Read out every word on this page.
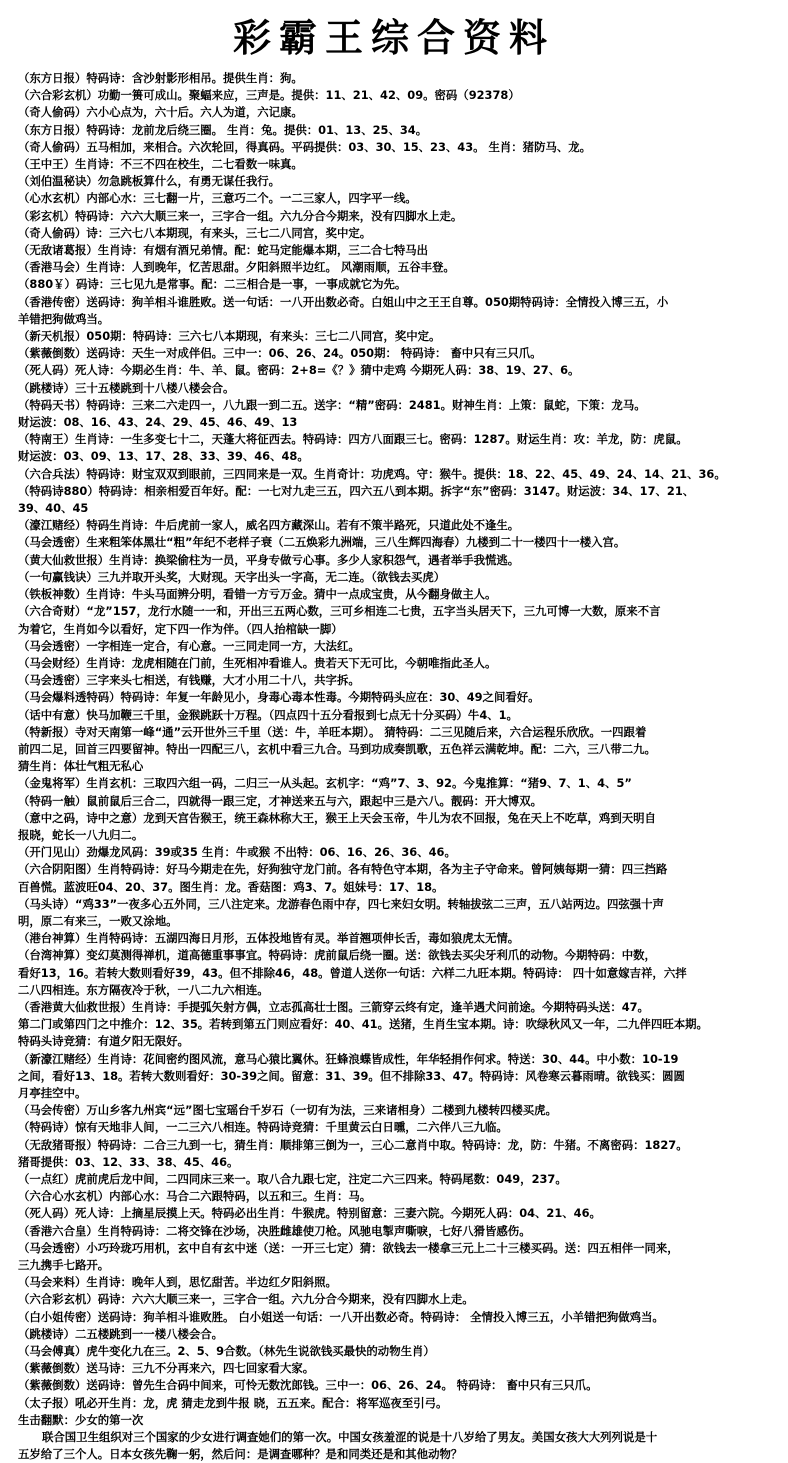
彩霸王综合资料
（东方日报）特码诗：含沙射影形相吊。提供生肖：狗。
（六合彩玄机）功勤一篑可成山。聚蝠来应，三声是。提供：11、21、42、09。密码（92378）
（奇人偷码）六小心点为，六十后。六人为道，六记康。
（东方日报）特码诗：龙前龙后绕三圈。 生肖：兔。提供：01、13、25、34。
（奇人偷码）五马相加，来相合。六次轮回，得真码。平码提供：03、30、15、23、43。 生肖：猪防马、龙。
（王中王）生肖诗：不三不四在校生，二七看数一味真。
（刘伯温秘诀）勿急跳板算什么，有勇无谋任我行。
（心水玄机）内部心水：三七翻一片，三意巧二个。一二三家人，四字平一线。
（彩玄机）特码诗：六六大顺三来一，三字合一组。六九分合今期来，没有四脚水上走。
（奇人偷码）诗：三六七八本期现，有来头，三七二八同宫，奖中定。
（无敌诸葛报）生肖诗：有烟有酒兄弟情。配：蛇马定能爆本期，三二合七特马出
（香港马会）生肖诗：人到晚年，忆苦思甜。夕阳斜照半边红。 风潮雨顺，五谷丰登。
（880￥）码诗：三七见九是常事。配：二三相合是一事，一事成就它为先。
（香港传密）送码诗：狗羊相斗谁胜败。送一句话：一八开出数必奇。白姐山中之王王自尊。050期特码诗：全情投入博三五，小
羊错把狗做鸡当。
（新天机报）050期：特码诗：三六七八本期现，有来头：三七二八同宫，奖中定。
（紫薇倒数）送码诗：天生一对成伴侣。三中一：06、26、24。050期： 特码诗： 畜中只有三只爪。
（死人码）死人诗：今期必生肖：牛、羊、鼠。密码：2+8=《？》猜中走鸡 今期死人码：38、19、27、6。
（跳楼诗）三十五楼跳到十八楼八楼会合。
（特码天书）特码诗：三来二六走四一，八九跟一到二五。送字：“精”密码：2481。财神生肖：上策：鼠蛇，下策：龙马。
财运波：08、16、43、24、29、45、46、49、13
（特南王）生肖诗：一生多变七十二，天蓬大将征西去。特码诗：四方八面跟三七。密码：1287。财运生肖：攻：羊龙，防：虎鼠。
财运波：03、09、13、17、28、33、39、46、48。
（六合兵法）特码诗：财宝双双到眼前，三四同来是一双。生肖奇计：功虎鸡。守：猴牛。提供：18、22、45、49、24、14、21、36。
（特码诗880）特码诗：相亲相爱百年好。配：一七对九走三五，四六五八到本期。拆字“东”密码：3147。财运波：34、17、21、
39、40、45
（濠江赌经）特码生肖诗：牛后虎前一家人，威名四方藏深山。若有不策半路死，只道此处不逢生。
（马会透密）生来粗笨体黑壮“粗”年纪不老样子衰（二五焕彩九洲端，三八生辉四海春）九楼到二十一楼四十一楼入宫。
（黄大仙救世报）生肖诗：换梁偷柱为一员，平身专做亏心事。多少人家积怨气，遇者举手我慌逃。
（一句赢钱诀）三九并取开头奖，大财现。天字出头一字高，无二连。（欲钱去买虎）
（铁板神数）生肖诗：牛头马面辨分明，看错一方亏万金。猜中一点成宝贵，从今翻身做主人。
（六合奇财）“龙”157，龙行水随一一和，开出三五两心数，三可乡相连二七贵，五字当头居天下，三九可博一大数，原来不言
为着它，生肖如今以看好，定下四一作为伴。（四人抬棺缺一脚）
（马会透密）一字相连一定合，有心意。一三同走同一方，大法红。
（马会财经）生肖诗：龙虎相随在门前，生死相冲看谁人。贵若天下无可比，今朝唯指此圣人。
（马会透密）三字来头七相送，有钱赚，大才小用二十八，共字拆。
（马会爆料透特码）特码诗：年复一年龄见小，身毒心毒本性毒。今期特码头应在：30、49之间看好。
（话中有意）快马加鞭三千里，金猴跳跃十万程。（四点四十五分看报到七点无十分买码）牛4、1。
（特新报）寺对天南第一峰“通”云开世外三千里（送：牛，羊旺本期）。 猜特码：二三见随后来，六合运程乐欣欣。一四跟着
前四二足，回首三四要留神。特出一四配三八，玄机中看三九合。马到功成奏凯歌，五色祥云满乾坤。配：二六，三八带二九。
猜生肖：体壮气粗无私心
（金鬼将军）生肖玄机：三取四六组一码，二归三一从头起。玄机字：“鸡”7、3、92。今鬼推算：“猪9、7、1、4、5”
（特码一触）鼠前鼠后三合二，四就得一跟三定，才神送来五与六，跟起中三是六八。靓码：开大博双。
（意中之码，诗中之意）龙到天宫告猴王，统王森林称大王，猴王上天会玉帝，牛儿为农不回报，兔在天上不吃草，鸡到天明自
报晓，蛇长一八九归二。
（开门见山）劲爆龙风码：39或35 生肖：牛或猴 不出特：06、16、26、36、46。
（六合阴阳图）生肖特码诗：好马今期走在先，好狗独守龙门前。各有特色守本期，各为主子守命来。曾阿姨每期一猜：四三挡路
百兽慌。蓝波旺04、20、37。图生肖：龙。香菇图：鸡3、7。姐妹号：17、18。
（马头诗）“鸡33”一夜多心五外同，三八注定来。龙游春色雨中存，四七来妇女明。转轴拔弦二三声，五八站两边。四弦强十声
明，原二有来三，一败又涂地。
（港台神算）生肖特码诗：五湖四海日月形，五体投地皆有灵。举首翘项伸长舌，毒如狼虎太无情。
（台湾神算）变幻莫测得禅机，道高德重事事宜。特码诗：虎前鼠后绕一圈。送：欲钱去买尖牙利爪的动物。今期特码：中数，
看好13，16。若转大数则看好39，43。但不排除46，48。曾道人送你一句话：六样二九旺本期。特码诗： 四十如意嫁吉祥，六拌
二八四相连。东方隔夜冷于秋，一八二九六相连。
（香港黄大仙救世报）生肖诗：手提弧矢射方偶，立志孤高壮士图。三箭穿云终有定，逢羊遇犬问前途。今期特码头送：47。
第二门或第四门之中推介：12、35。若转到第五门则应看好：40、41。送猪，生肖生宝本期。诗：吹绿秋风又一年，二九伴四旺本期。
特码头诗竞猜：有道夕阳无限好。
（新濠江赌经）生肖诗：花间密约图风流，意马心猿比翼休。狂蜂浪蝶皆成性，年华轻捐作何求。特送：30、44。中小数：10-19
之间，看好13、18。若转大数则看好：30-39之间。留意：31、39。但不排除33、47。特码诗：风卷寒云暮雨晴。欲钱买：圆圆
月亭挂空中。
（马会传密）万山乡客九州宾“远”图七宝瑶台千岁石（一切有为法，三来诸相身）二楼到九楼转四楼买虎。
（特码诗）惊有天地非人间，一二三六八相连。特码诗竞猜：千里黄云白日曛，二六伴八三九临。
（无敌猪哥报）特码诗：二合三九到一七，猜生肖：顺排第三倒为一，三心二意肖中取。特码诗：龙，防：牛猪。不离密码：1827。
猪哥提供：03、12、33、38、45、46。
（一点红）虎前虎后龙中间，二四同床三来一。取八合九跟七定，注定二六三四来。特码尾数：049，237。
（六合心水玄机）内部心水：马合二六跟特码，以五和三。生肖：马。
（死人码）死人诗：上摘星辰摸上天。特码必出生肖：牛猴虎。特别留意：三妻六院。今期死人码：04、21、46。
（香港六合皇）生肖特码诗：二将交锋在沙场，决胜雌雄使刀枪。风驰电掣声嘶唳，七好八猾皆感伤。
（马会透密）小巧玲珑巧用机，玄中自有玄中迷（送：一开三七定）猜：欲钱去一楼拿三元上二十三楼买码。送：四五相伴一同来，
三九携手七路开。
（马会来料）生肖诗：晚年人到，思忆甜苦。半边红夕阳斜照。
（六合彩玄机）码诗：六六大顺三来一，三字合一组。六九分合今期来，没有四脚水上走。
（白小姐传密）送码诗：狗羊相斗谁败胜。 白小姐送一句话：一八开出数必奇。特码诗： 全情投入博三五，小羊错把狗做鸡当。
（跳楼诗）二五楼跳到一一楼八楼会合。
（马会傅真）虎牛变化九在三。2、5、9合数。（林先生说欲钱买最快的动物生肖）
（紫薇倒数）送马诗：三九不分再来六，四七回家看大家。
（紫薇倒数）送码诗：曾先生合码中间来，可怜无数沈郎钱。三中一：06、26、24。 特码诗： 畜中只有三只爪。
（太子报）吼必开生肖：龙，虎 猜走龙到牛报 晓，五五来。配合：将军巡夜至引弓。
生击翻默：少女的第一次
联合国卫生组织对三个国家的少女进行调查她们的第一次。中国女孩羞涩的说是十八岁给了男友。美国女孩大大列列说是十
五岁给了三个人。日本女孩先鞠一躬，然后问：是调查哪种？是和同类还是和其他动物？
